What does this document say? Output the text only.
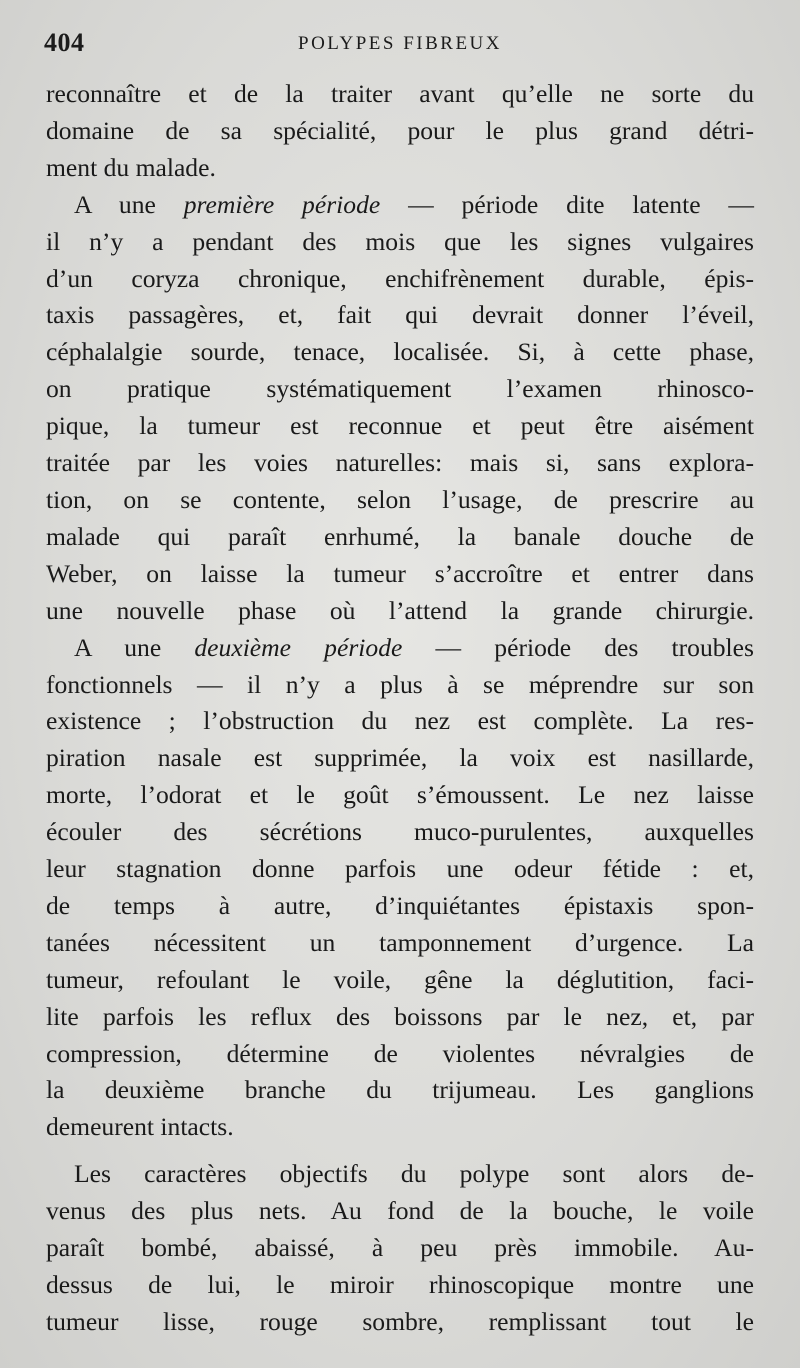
404	POLYPES FIBREUX
reconnaître et de la traiter avant qu’elle ne sorte du
domaine de sa spécialité, pour le plus grand détri-
ment du malade.
A une première période — période dite latente —
il n’y a pendant des mois que les signes vulgaires
d’un coryza chronique, enchifrènement durable, épis-
taxis passagères, et, fait qui devrait donner l’éveil,
céphalalgie sourde, tenace, localisée. Si, à cette phase,
on pratique systématiquement l’examen rhinosco-
pique, la tumeur est reconnue et peut être aisément
traitée par les voies naturelles: mais si, sans explora-
tion, on se contente, selon l’usage, de prescrire au
malade qui paraît enrhumé, la banale douche de
Weber, on laisse la tumeur s’accroître et entrer dans
une nouvelle phase où l’attend la grande chirurgie.
A une deuxième période — période des troubles
fonctionnels — il n’y a plus à se méprendre sur son
existence ; l’obstruction du nez est complète. La res-
piration nasale est supprimée, la voix est nasillarde,
morte, l’odorat et le goût s’émoussent. Le nez laisse
écouler des sécrétions muco-purulentes, auxquelles
leur stagnation donne parfois une odeur fétide : et,
de temps à autre, d’inquiétantes épistaxis spon-
tanées nécessitent un tamponnement d’urgence. La
tumeur, refoulant le voile, gêne la déglutition, faci-
lite parfois les reflux des boissons par le nez, et, par
compression, détermine de violentes névralgies de
la deuxième branche du trijumeau. Les ganglions
demeurent intacts.
Les caractères objectifs du polype sont alors de-
venus des plus nets. Au fond de la bouche, le voile
paraît bombé, abaissé, à peu près immobile. Au-
dessus de lui, le miroir rhinoscopique montre une
tumeur lisse, rouge sombre, remplissant tout le
